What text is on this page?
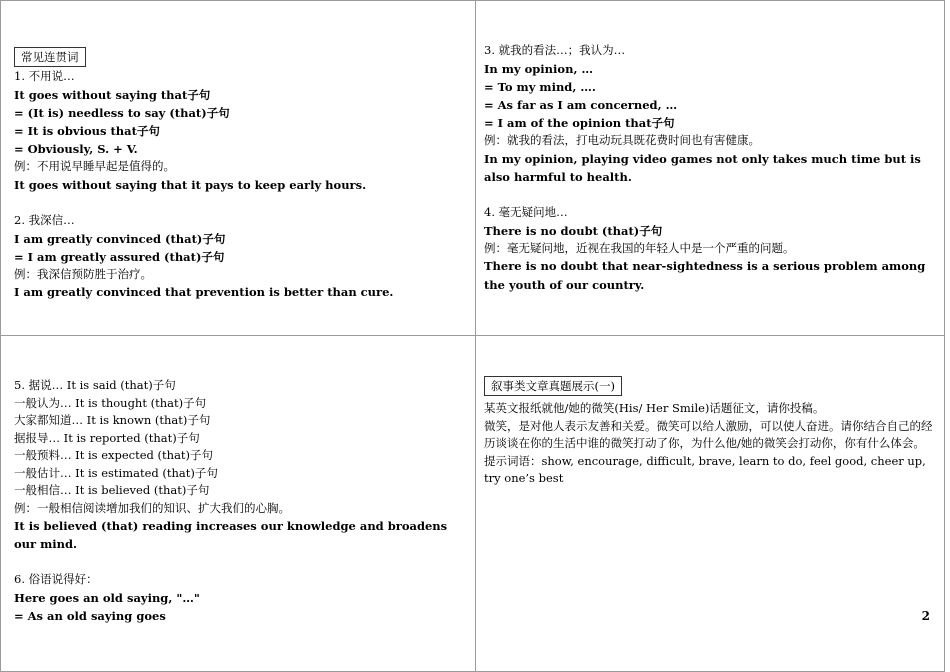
常见连贯词
1. 不用说…
It goes without saying that子句
= (It is) needless to say (that)子句
= It is obvious that子句
= Obviously, S. + V.
例：不用说早睡早起是值得的。
It goes without saying that it pays to keep early hours.
2. 我深信…
I am greatly convinced (that)子句
= I am greatly assured (that)子句
例：我深信预防胜于治疗。
I am greatly convinced that prevention is better than cure.
3. 就我的看法…；我认为…
In my opinion, …
= To my mind, ….
= As far as I am concerned, …
= I am of the opinion that子句
例：就我的看法，打电动玩具既花费时间也有害健康。
In my opinion, playing video games not only takes much time but is also harmful to health.
4. 毫无疑问地…
There is no doubt (that)子句
例：毫无疑问地，近视在我国的年轻人中是一个严重的问题。
There is no doubt that near-sightedness is a serious problem among the youth of our country.
5. 据说… It is said (that)子句
一般认为… It is thought (that)子句
大家都知道… It is known (that)子句
据报导… It is reported (that)子句
一般预料… It is expected (that)子句
一般估计… It is estimated (that)子句
一般相信… It is believed (that)子句
例：一般相信阅读增加我们的知识、扩大我们的心胸。
It is believed (that) reading increases our knowledge and broadens our mind.
6. 俗语说得好：
Here goes an old saying, "…"
= As an old saying goes
叙事类文章真题展示(一)
某英文报纸就他/她的微笑(His/ Her Smile)话题征文，请你投稿。
微笑，是对他人表示友善和关爱。微笑可以给人激励，可以使人奋进。请你结合自己的经历谈谈在你的生活中谁的微笑打动了你，为什么他/她的微笑会打动你，你有什么体会。
提示词语：show, encourage, difficult, brave, learn to do, feel good, cheer up, try one’s best
2
